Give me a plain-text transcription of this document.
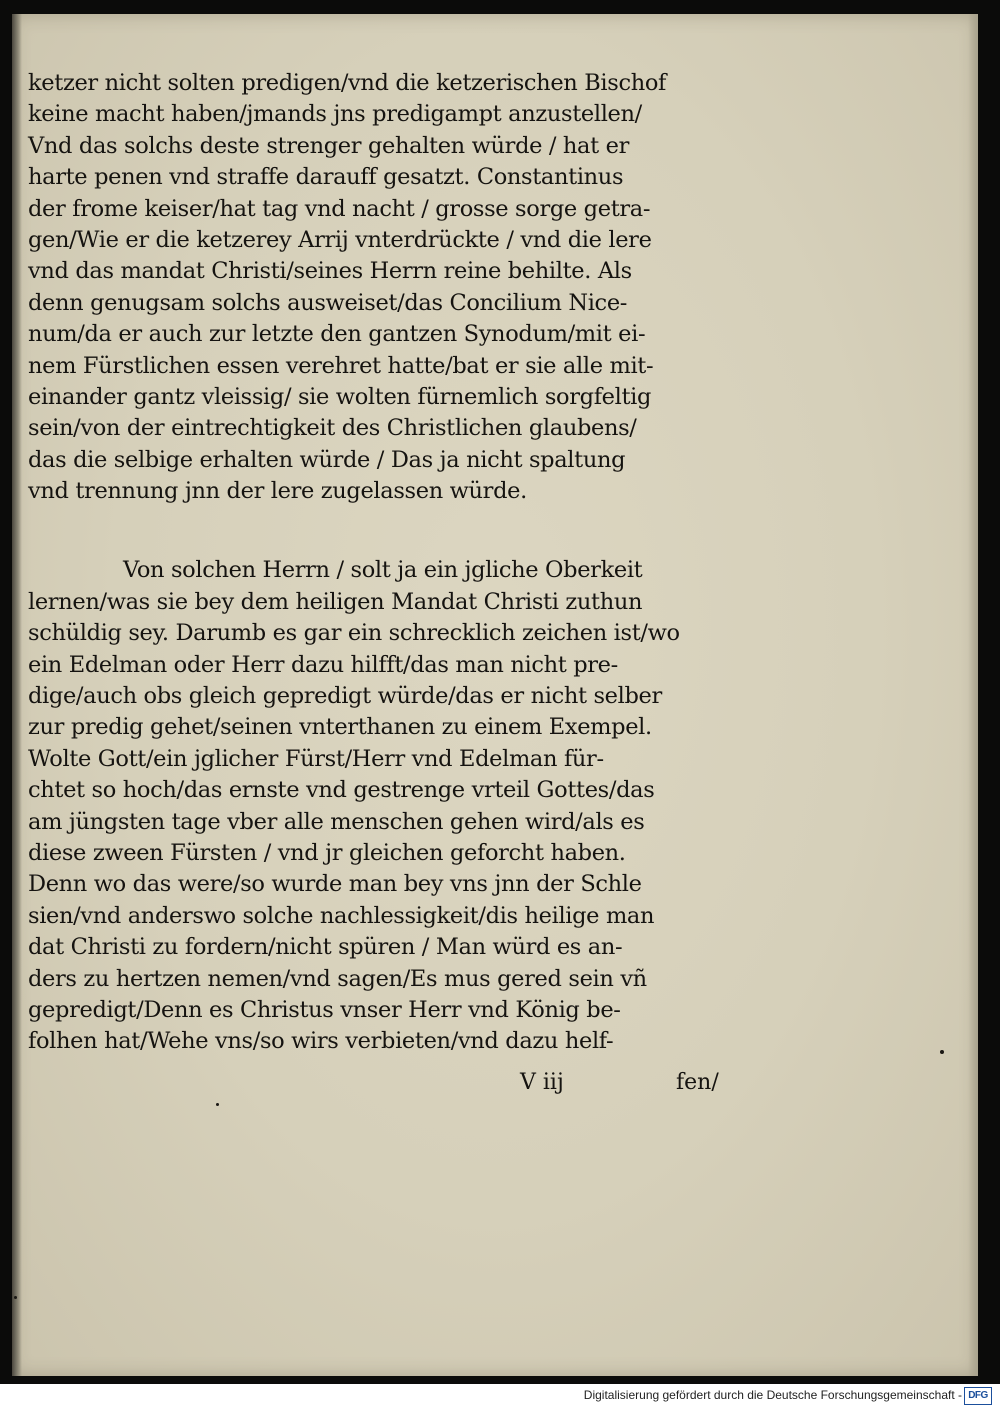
ketzer nicht solten predigen/vnd die ketzerischen Bischof
keine macht haben/jmands jns predigampt anzustellen/
Vnd das solchs deste strenger gehalten würde / hat er
harte penen vnd straffe darauff gesatzt. Constantinus
der frome keiser/hat tag vnd nacht / grosse sorge getra-
gen/Wie er die ketzerey Arrij vnterdrückte / vnd die lere
vnd das mandat Christi/seines Herrn reine behilte. Als
denn genugsam solchs ausweiset/das Concilium Nice-
num/da er auch zur letzte den gantzen Synodum/mit ei-
nem Fürstlichen essen verehret hatte/bat er sie alle mit-
einander gantz vleissig/ sie wolten fürnemlich sorgfeltig
sein/von der eintrechtigkeit des Christlichen glaubens/
das die selbige erhalten würde / Das ja nicht spaltung
vnd trennung jnn der lere zugelassen würde.
Von solchen Herrn / solt ja ein jgliche Oberkeit
lernen/was sie bey dem heiligen Mandat Christi zuthun
schüldig sey. Darumb es gar ein schrecklich zeichen ist/wo
ein Edelman oder Herr dazu hilfft/das man nicht pre-
dige/auch obs gleich gepredigt würde/das er nicht selber
zur predig gehet/seinen vnterthanen zu einem Exempel.
Wolte Gott/ein jglicher Fürst/Herr vnd Edelman für-
chtet so hoch/das ernste vnd gestrenge vrteil Gottes/das
am jüngsten tage vber alle menschen gehen wird/als es
diese zween Fürsten / vnd jr gleichen geforcht haben.
Denn wo das were/so wurde man bey vns jnn der Schle
sien/vnd anderswo solche nachlessigkeit/dis heilige man
dat Christi zu fordern/nicht spüren / Man würd es an-
ders zu hertzen nemen/vnd sagen/Es mus gered sein vñ
gepredigt/Denn es Christus vnser Herr vnd König be-
folhen hat/Wehe vns/so wirs verbieten/vnd dazu helf-
V iij	fen/
Digitalisierung gefördert durch die Deutsche Forschungsgemeinschaft - DFG
